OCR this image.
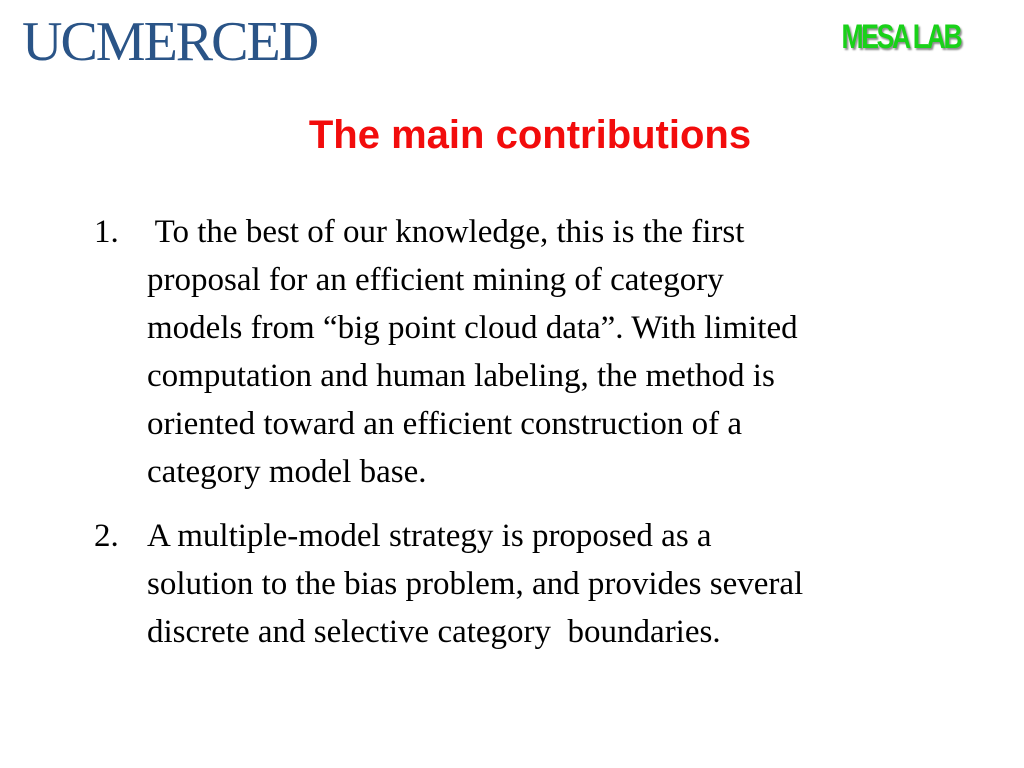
UCMERCED	MESA LAB
The main contributions
1. To the best of our knowledge, this is the first
proposal for an efficient mining of category
models from “big point cloud data”. With limited
computation and human labeling, the method is
oriented toward an efficient construction of a
category model base.
2. A multiple-model strategy is proposed as a
solution to the bias problem, and provides several
discrete and selective category  boundaries.
